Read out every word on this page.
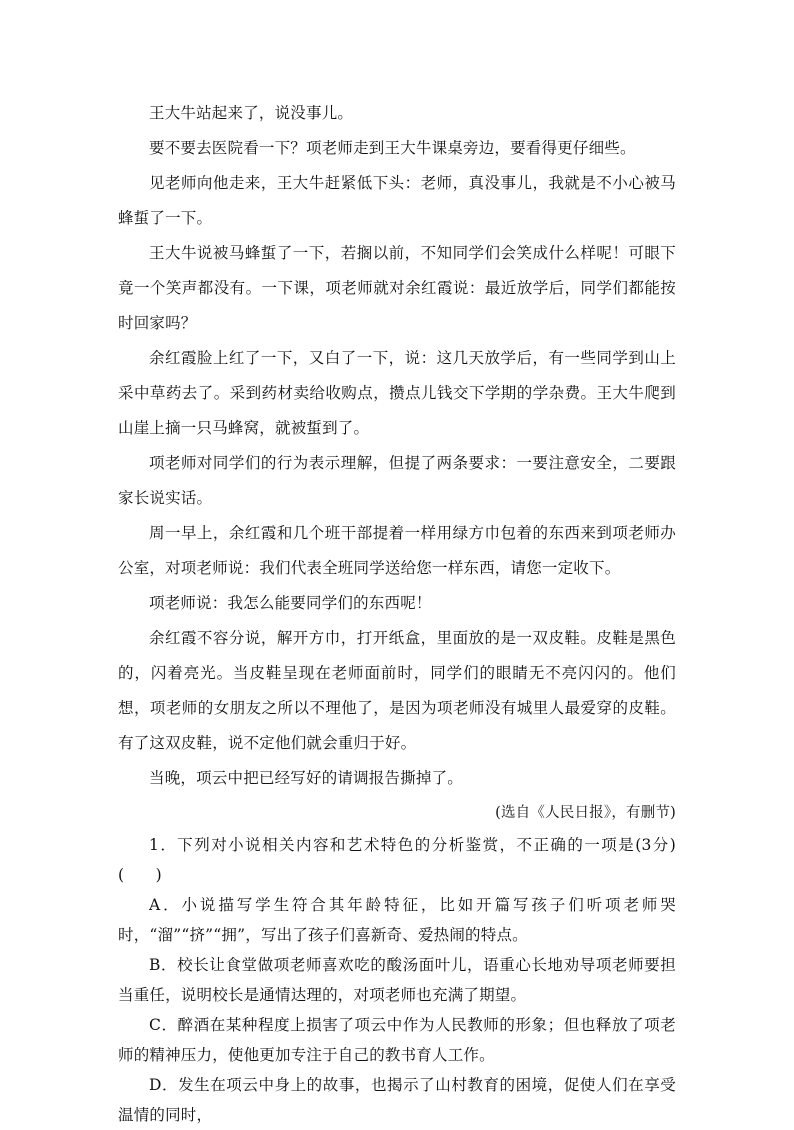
王大牛站起来了，说没事儿。

要不要去医院看一下？项老师走到王大牛课桌旁边，要看得更仔细些。

见老师向他走来，王大牛赶紧低下头：老师，真没事儿，我就是不小心被马蜂蜇了一下。

王大牛说被马蜂蜇了一下，若搁以前，不知同学们会笑成什么样呢！可眼下竟一个笑声都没有。一下课，项老师就对余红霞说：最近放学后，同学们都能按时回家吗？

余红霞脸上红了一下，又白了一下，说：这几天放学后，有一些同学到山上采中草药去了。采到药材卖给收购点，攒点儿钱交下学期的学杂费。王大牛爬到山崖上摘一只马蜂窝，就被蜇到了。

项老师对同学们的行为表示理解，但提了两条要求：一要注意安全，二要跟家长说实话。

周一早上，余红霞和几个班干部提着一样用绿方巾包着的东西来到项老师办公室，对项老师说：我们代表全班同学送给您一样东西，请您一定收下。

项老师说：我怎么能要同学们的东西呢！

余红霞不容分说，解开方巾，打开纸盒，里面放的是一双皮鞋。皮鞋是黑色的，闪着亮光。当皮鞋呈现在老师面前时，同学们的眼睛无不亮闪闪的。他们想，项老师的女朋友之所以不理他了，是因为项老师没有城里人最爱穿的皮鞋。有了这双皮鞋，说不定他们就会重归于好。

当晚，项云中把已经写好的请调报告撕掉了。

(选自《人民日报》，有删节)

1．下列对小说相关内容和艺术特色的分析鉴赏，不正确的一项是(3分)(　　)

A．小说描写学生符合其年龄特征，比如开篇写孩子们听项老师哭时，“溜”“挤”“拥”，写出了孩子们喜新奇、爱热闹的特点。

B．校长让食堂做项老师喜欢吃的酸汤面叶儿，语重心长地劝导项老师要担当重任，说明校长是通情达理的，对项老师也充满了期望。

C．醉酒在某种程度上损害了项云中作为人民教师的形象；但也释放了项老师的精神压力，使他更加专注于自己的教书育人工作。

D．发生在项云中身上的故事，也揭示了山村教育的困境，促使人们在享受温情的同时，
